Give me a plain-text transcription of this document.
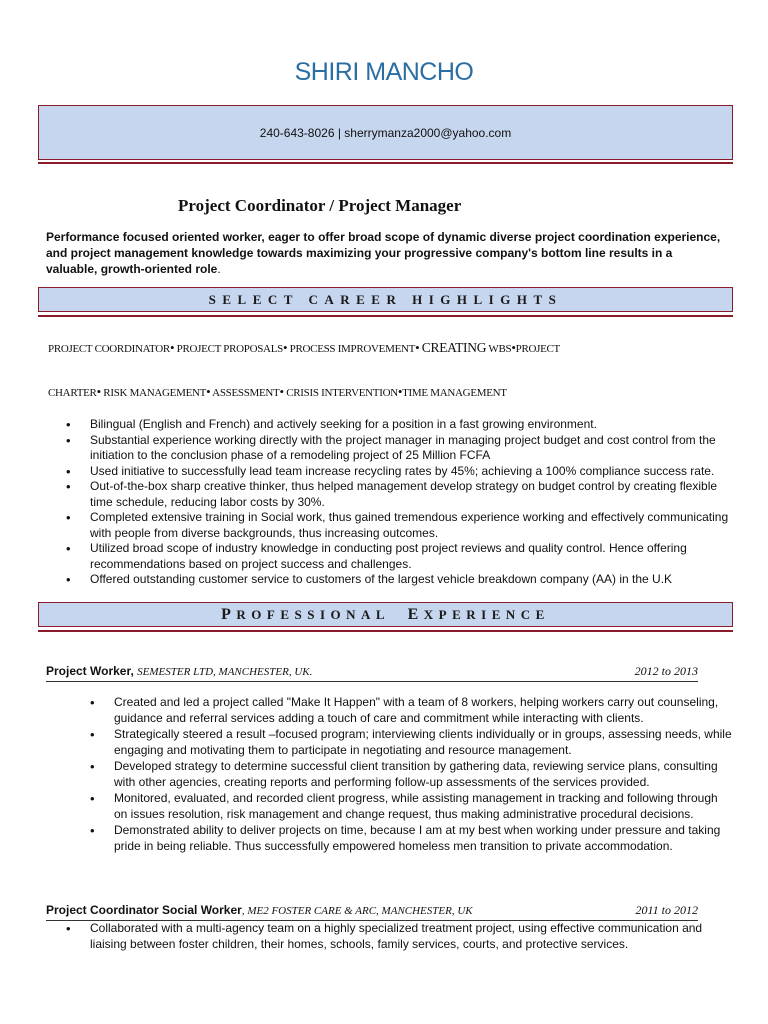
SHIRI MANCHO
240-643-8026 | sherrymanza2000@yahoo.com
Project Coordinator / Project Manager
Performance focused oriented worker, eager to offer broad scope of dynamic diverse project coordination experience, and project management knowledge towards maximizing your progressive company's bottom line results in a valuable, growth-oriented role.
SELECT CAREER HIGHLIGHTS
PROJECT COORDINATOR• PROJECT PROPOSALS• PROCESS IMPROVEMENT• CREATING WBS•PROJECT
CHARTER• RISK MANAGEMENT• ASSESSMENT• CRISIS INTERVENTION•TIME MANAGEMENT
• Bilingual (English and French) and actively seeking for a position in a fast growing environment.
• Substantial experience working directly with the project manager in managing project budget and cost control from the initiation to the conclusion phase of a remodeling project of 25 Million FCFA
• Used initiative to successfully lead team increase recycling rates by 45%; achieving a 100% compliance success rate.
• Out-of-the-box sharp creative thinker, thus helped management develop strategy on budget control by creating flexible time schedule, reducing labor costs by 30%.
• Completed extensive training in Social work, thus gained tremendous experience working and effectively communicating with people from diverse backgrounds, thus increasing outcomes.
• Utilized broad scope of industry knowledge in conducting post project reviews and quality control. Hence offering recommendations based on project success and challenges.
• Offered outstanding customer service to customers of the largest vehicle breakdown company (AA) in the U.K
PROFESSIONAL EXPERIENCE
Project Worker, SEMESTER LTD, MANCHESTER, UK.	2012 to 2013
• Created and led a project called "Make It Happen" with a team of 8 workers, helping workers carry out counseling, guidance and referral services adding a touch of care and commitment while interacting with clients.
• Strategically steered a result –focused program; interviewing clients individually or in groups, assessing needs, while engaging and motivating them to participate in negotiating and resource management.
• Developed strategy to determine successful client transition by gathering data, reviewing service plans, consulting with other agencies, creating reports and performing follow-up assessments of the services provided.
• Monitored, evaluated, and recorded client progress, while assisting management in tracking and following through on issues resolution, risk management and change request, thus making administrative procedural decisions.
• Demonstrated ability to deliver projects on time, because I am at my best when working under pressure and taking pride in being reliable. Thus successfully empowered homeless men transition to private accommodation.
Project Coordinator Social Worker, ME2 FOSTER CARE & ARC, MANCHESTER, UK	2011 to 2012
• Collaborated with a multi-agency team on a highly specialized treatment project, using effective communication and liaising between foster children, their homes, schools, family services, courts, and protective services.
